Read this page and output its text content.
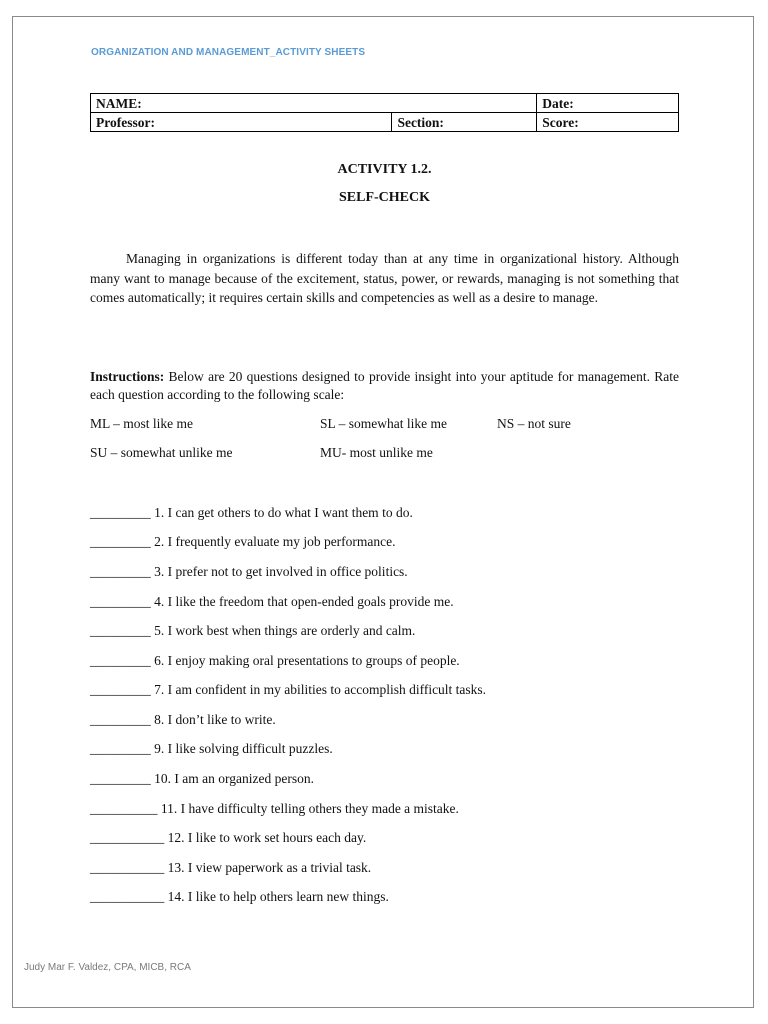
ORGANIZATION AND MANAGEMENT_ACTIVITY SHEETS
NAME:		Date:
Professor:	Section:	Score:
ACTIVITY 1.2.
SELF-CHECK
Managing in organizations is different today than at any time in organizational history. Although many want to manage because of the excitement, status, power, or rewards, managing is not something that comes automatically; it requires certain skills and competencies as well as a desire to manage.
Instructions: Below are 20 questions designed to provide insight into your aptitude for management. Rate each question according to the following scale:
ML – most like me	SL – somewhat like me	NS – not sure
SU – somewhat unlike me	MU- most unlike me
_________ 1. I can get others to do what I want them to do.
_________ 2. I frequently evaluate my job performance.
_________ 3. I prefer not to get involved in office politics.
_________ 4. I like the freedom that open-ended goals provide me.
_________ 5. I work best when things are orderly and calm.
_________ 6. I enjoy making oral presentations to groups of people.
_________ 7. I am confident in my abilities to accomplish difficult tasks.
_________ 8. I don’t like to write.
_________ 9. I like solving difficult puzzles.
_________ 10. I am an organized person.
__________ 11. I have difficulty telling others they made a mistake.
___________ 12. I like to work set hours each day.
___________ 13. I view paperwork as a trivial task.
___________ 14. I like to help others learn new things.
Judy Mar F. Valdez, CPA, MICB, RCA
